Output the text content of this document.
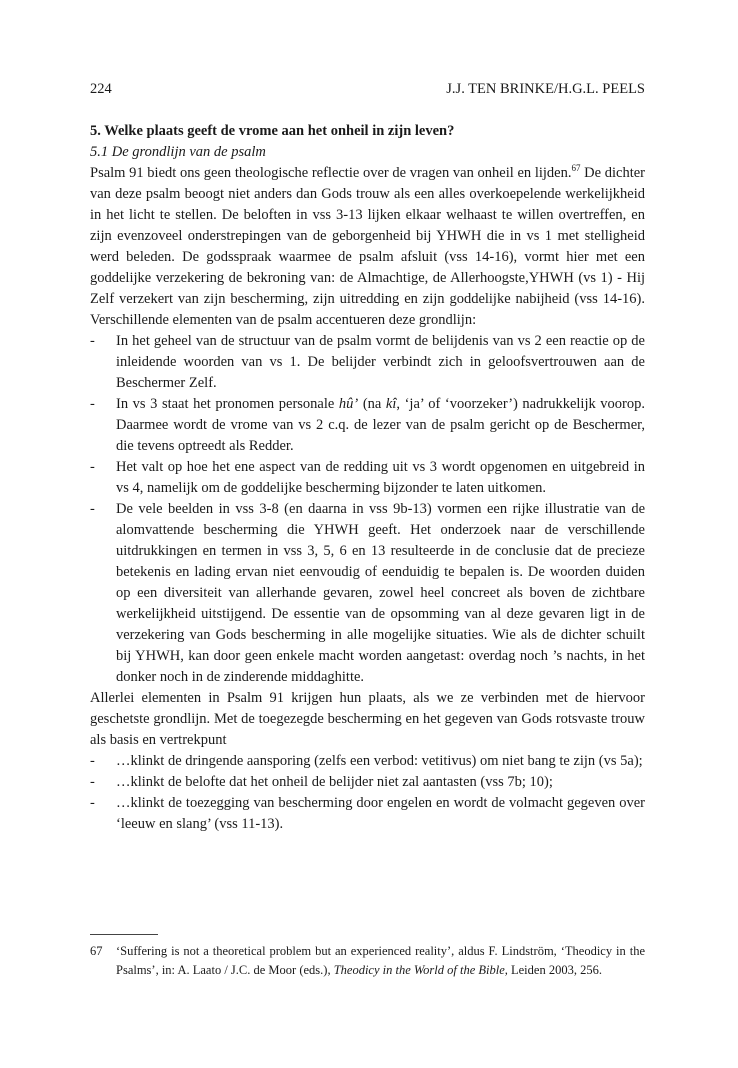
224	J.J. TEN BRINKE/H.G.L. PEELS

5. Welke plaats geeft de vrome aan het onheil in zijn leven?

5.1 De grondlijn van de psalm

Psalm 91 biedt ons geen theologische reflectie over de vragen van onheil en lijden.$^{67}$ De dichter van deze psalm beoogt niet anders dan Gods trouw als een alles overkoepelende werkelijkheid in het licht te stellen. De beloften in vss 3-13 lijken elkaar welhaast te willen overtreffen, en zijn evenzoveel onderstrepingen van de geborgenheid bij YHWH die in vs 1 met stelligheid werd beleden. De godsspraak waarmee de psalm afsluit (vss 14-16), vormt hier met een goddelijke verzekering de bekroning van: de Almachtige, de Allerhoogste,YHWH (vs 1) - Hij Zelf verzekert van zijn bescherming, zijn uitredding en zijn goddelijke nabijheid (vss 14-16). Verschillende elementen van de psalm accentueren deze grondlijn:

- In het geheel van de structuur van de psalm vormt de belijdenis van vs 2 een reactie op de inleidende woorden van vs 1. De belijder verbindt zich in geloofsvertrouwen aan de Beschermer Zelf.
- In vs 3 staat het pronomen personale hû’ (na kî, ‘ja’ of ‘voorzeker’) nadrukkelijk voorop. Daarmee wordt de vrome van vs 2 c.q. de lezer van de psalm gericht op de Beschermer, die tevens optreedt als Redder.
- Het valt op hoe het ene aspect van de redding uit vs 3 wordt opgenomen en uitgebreid in vs 4, namelijk om de goddelijke bescherming bijzonder te laten uitkomen.
- De vele beelden in vss 3-8 (en daarna in vss 9b-13) vormen een rijke illustratie van de alomvattende bescherming die YHWH geeft. Het onderzoek naar de verschillende uitdrukkingen en termen in vss 3, 5, 6 en 13 resulteerde in de conclusie dat de precieze betekenis en lading ervan niet eenvoudig of eenduidig te bepalen is. De woorden duiden op een diversiteit van allerhande gevaren, zowel heel concreet als boven de zichtbare werkelijkheid uitstijgend. De essentie van de opsomming van al deze gevaren ligt in de verzekering van Gods bescherming in alle mogelijke situaties. Wie als de dichter schuilt bij YHWH, kan door geen enkele macht worden aangetast: overdag noch ’s nachts, in het donker noch in de zinderende middaghitte.

Allerlei elementen in Psalm 91 krijgen hun plaats, als we ze verbinden met de hiervoor geschetste grondlijn. Met de toegezegde bescherming en het gegeven van Gods rotsvaste trouw als basis en vertrekpunt

- …klinkt de dringende aansporing (zelfs een verbod: vetitivus) om niet bang te zijn (vs 5a);
- …klinkt de belofte dat het onheil de belijder niet zal aantasten (vss 7b; 10);
- …klinkt de toezegging van bescherming door engelen en wordt de volmacht gegeven over ‘leeuw en slang’ (vss 11-13).
67	‘Suffering is not a theoretical problem but an experienced reality’, aldus F. Lindström, ‘Theodicy in the Psalms’, in: A. Laato / J.C. de Moor (eds.), Theodicy in the World of the Bible, Leiden 2003, 256.
